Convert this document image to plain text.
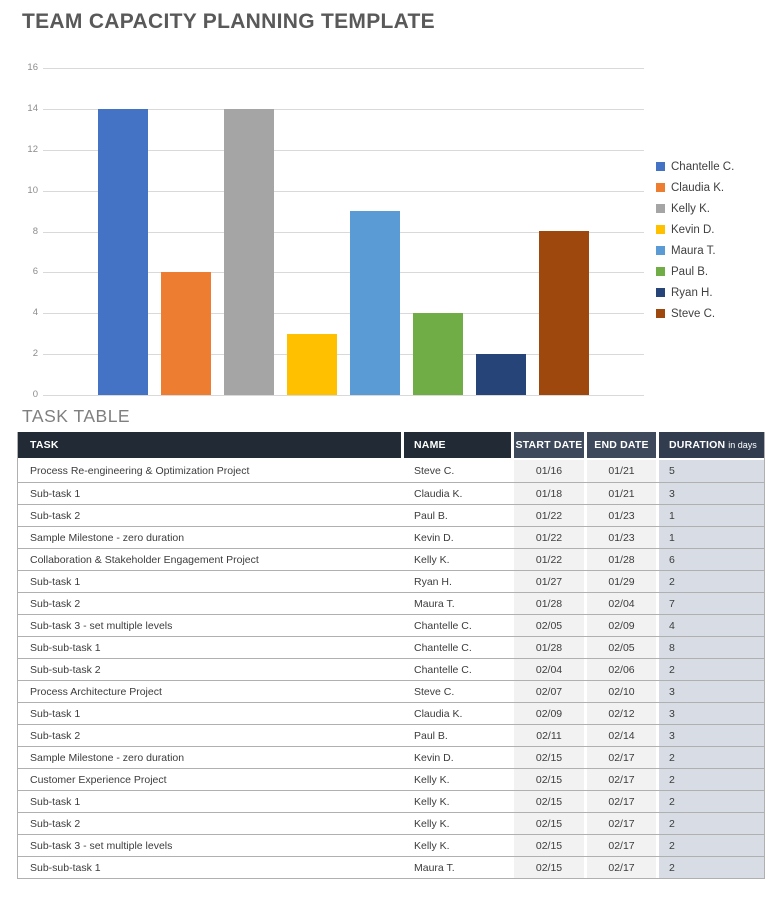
TEAM CAPACITY PLANNING TEMPLATE
0
2
4
6
8
10
12
14
16
Chantelle C.
Claudia K.
Kelly K.
Kevin D.
Maura T.
Paul B.
Ryan H.
Steve C.
TASK TABLE
TASK	NAME	START DATE	END DATE	DURATION in days
Process Re-engineering & Optimization Project	Steve C.	01/16	01/21	5
Sub-task 1	Claudia K.	01/18	01/21	3
Sub-task 2	Paul B.	01/22	01/23	1
Sample Milestone - zero duration	Kevin D.	01/22	01/23	1
Collaboration & Stakeholder Engagement Project	Kelly K.	01/22	01/28	6
Sub-task 1	Ryan H.	01/27	01/29	2
Sub-task 2	Maura T.	01/28	02/04	7
Sub-task 3 - set multiple levels	Chantelle C.	02/05	02/09	4
Sub-sub-task 1	Chantelle C.	01/28	02/05	8
Sub-sub-task 2	Chantelle C.	02/04	02/06	2
Process Architecture Project	Steve C.	02/07	02/10	3
Sub-task 1	Claudia K.	02/09	02/12	3
Sub-task 2	Paul B.	02/11	02/14	3
Sample Milestone - zero duration	Kevin D.	02/15	02/17	2
Customer Experience Project	Kelly K.	02/15	02/17	2
Sub-task 1	Kelly K.	02/15	02/17	2
Sub-task 2	Kelly K.	02/15	02/17	2
Sub-task 3 - set multiple levels	Kelly K.	02/15	02/17	2
Sub-sub-task 1	Maura T.	02/15	02/17	2
